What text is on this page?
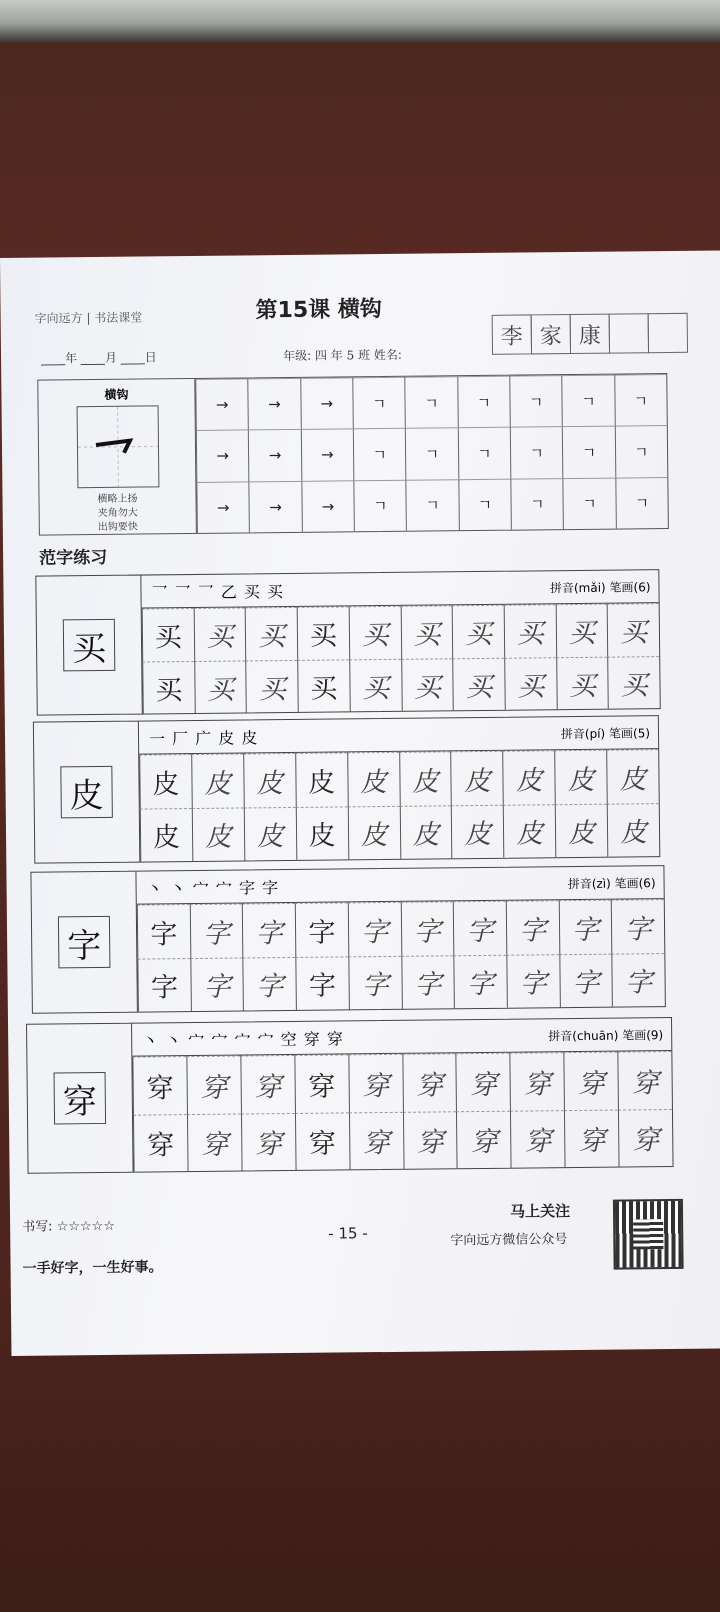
字向远方 | 书法课堂	第15课 横钩
____年 ____月 ____日	年级: 四 年 5 班 姓名:
李 家 康
横钩
横略上扬
夹角勿大
出钩要快
→	→	→	ㄱ	ㄱ	ㄱ	ㄱ	ㄱ	ㄱ
→	→	→	ㄱ	ㄱ	ㄱ	ㄱ	ㄱ	ㄱ
→	→	→	ㄱ	ㄱ	ㄱ	ㄱ	ㄱ	ㄱ
范字练习
买
乛 乛 乛 乙 买 买	拼音(mǎi) 笔画(6)
买 买 买 买 买 买 买 买 买 买
买 买 买 买 买 买 买 买 买 买
皮
一 厂 广 皮 皮	拼音(pí) 笔画(5)
皮 皮 皮 皮 皮 皮 皮 皮 皮 皮
皮 皮 皮 皮 皮 皮 皮 皮 皮 皮
字
丶 丶 宀 宀 字 字	拼音(zì) 笔画(6)
字 字 字 字 字 字 字 字 字 字
字 字 字 字 字 字 字 字 字 字
穿
丶 丶 宀 宀 宀 宀 空 穿 穿	拼音(chuān) 笔画(9)
穿 穿 穿 穿 穿 穿 穿 穿 穿 穿
穿 穿 穿 穿 穿 穿 穿 穿 穿 穿
书写: ☆☆☆☆☆	- 15 -
马上关注
字向远方微信公众号
一手好字，一生好事。
